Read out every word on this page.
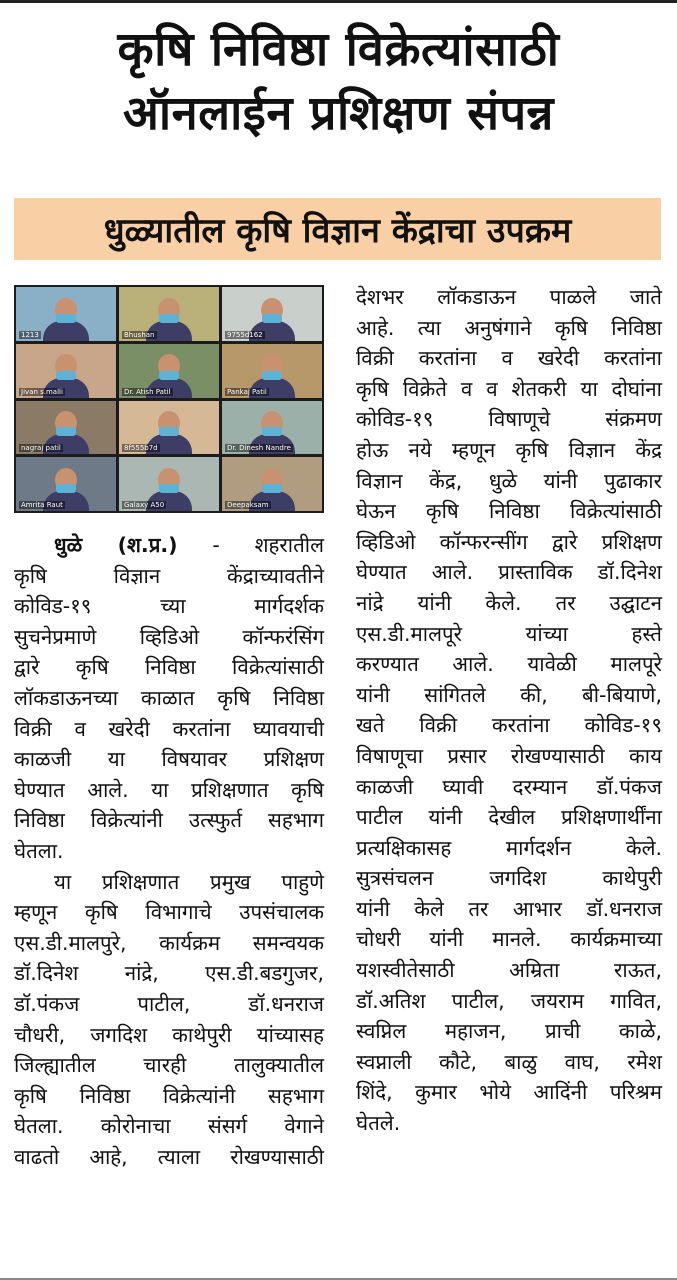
कृषि निविष्ठा विक्रेत्यांसाठी
ऑनलाईन प्रशिक्षण संपन्न
धुळ्यातील कृषि विज्ञान केंद्राचा उपक्रम
1213	Bhushan	9755d162
Jivan s.malli	Dr. Atish Patil	Pankaj Patil
nagraj patil	8f555b7d	Dr. Dinesh Nandre
Amrita Raut	Galaxy A50	Deepaksam
धुळे (श.प्र.) - शहरातील
कृषि विज्ञान केंद्राच्यावतीने
कोविड-१९ च्या मार्गदर्शक
सुचनेप्रमाणे व्हिडिओ कॉन्फरंसिंग
द्वारे कृषि निविष्ठा विक्रेत्यांसाठी
लॉकडाऊनच्या काळात कृषि निविष्ठा
विक्री व खरेदी करतांना घ्यावयाची
काळजी या विषयावर प्रशिक्षण
घेण्यात आले. या प्रशिक्षणात कृषि
निविष्ठा विक्रेत्यांनी उत्स्फुर्त सहभाग
घेतला.
या प्रशिक्षणात प्रमुख पाहुणे
म्हणून कृषि विभागाचे उपसंचालक
एस.डी.मालपुरे, कार्यक्रम समन्वयक
डॉ.दिनेश नांद्रे, एस.डी.बडगुजर,
डॉ.पंकज पाटील, डॉ.धनराज
चौधरी, जगदिश काथेपुरी यांच्यासह
जिल्ह्यातील चारही तालुक्यातील
कृषि निविष्ठा विक्रेत्यांनी सहभाग
घेतला. कोरोनाचा संसर्ग वेगाने
वाढतो आहे, त्याला रोखण्यासाठी
देशभर लॉकडाऊन पाळले जाते
आहे. त्या अनुषंगाने कृषि निविष्ठा
विक्री करतांना व खरेदी करतांना
कृषि विक्रेते व व शेतकरी या दोघांना
कोविड-१९ विषाणूचे संक्रमण
होऊ नये म्हणून कृषि विज्ञान केंद्र
विज्ञान केंद्र, धुळे यांनी पुढाकार
घेऊन कृषि निविष्ठा विक्रेत्यांसाठी
व्हिडिओ कॉन्फरन्सींग द्वारे प्रशिक्षण
घेण्यात आले. प्रास्ताविक डॉ.दिनेश
नांद्रे यांनी केले. तर उद्घाटन
एस.डी.मालपूरे यांच्या हस्ते
करण्यात आले. यावेळी मालपूरे
यांनी सांगितले की, बी-बियाणे,
खते विक्री करतांना कोविड-१९
विषाणूचा प्रसार रोखण्यासाठी काय
काळजी घ्यावी दरम्यान डॉ.पंकज
पाटील यांनी देखील प्रशिक्षणार्थींना
प्रत्यक्षिकासह मार्गदर्शन केले.
सुत्रसंचलन जगदिश काथेपुरी
यांनी केले तर आभार डॉ.धनराज
चोधरी यांनी मानले. कार्यक्रमाच्या
यशस्वीतेसाठी अम्रिता राऊत,
डॉ.अतिश पाटील, जयराम गावित,
स्वप्निल महाजन, प्राची काळे,
स्वप्नाली कौटे, बाळु वाघ, रमेश
शिंदे, कुमार भोये आदिंनी परिश्रम
घेतले.
